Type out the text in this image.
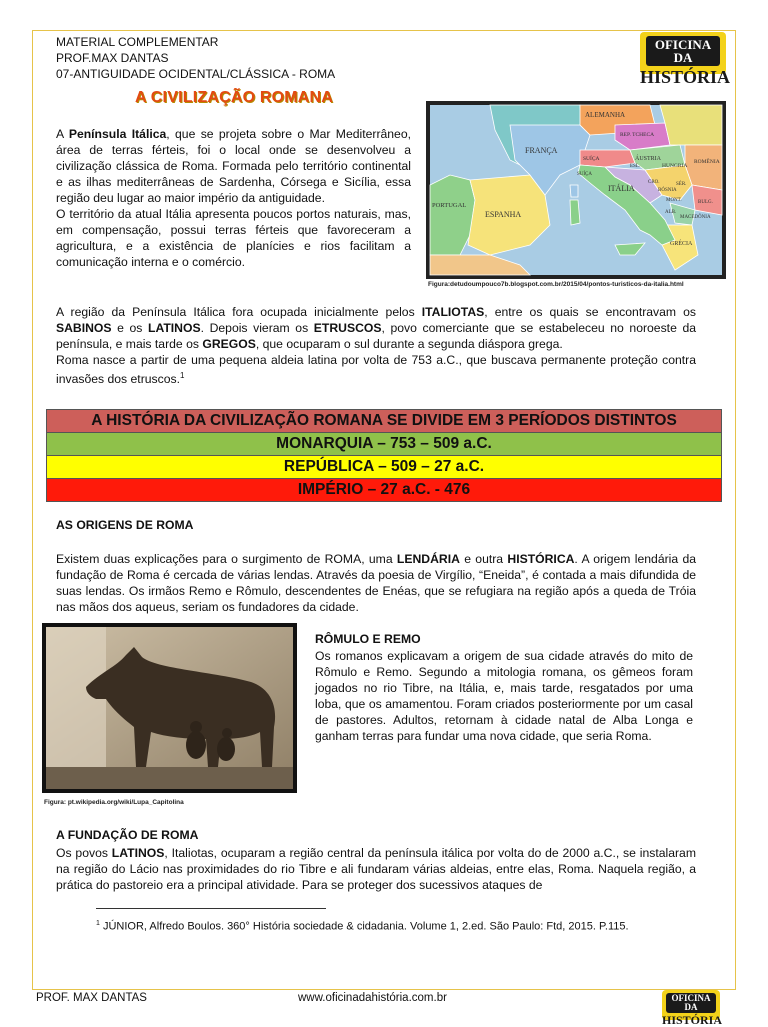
MATERIAL COMPLEMENTAR
PROF.MAX DANTAS
07-ANTIGUIDADE OCIDENTAL/CLÁSSICA - ROMA
OFICINA DA
HISTÓRIA
A CIVILIZAÇÃO ROMANA

A Península Itálica, que se projeta sobre o Mar Mediterrâneo, área de terras férteis, foi o local onde se desenvolveu a civilização clássica de Roma. Formada pelo território continental e as ilhas mediterrâneas de Sardenha, Córsega e Sicília, essa região deu lugar ao maior império da antiguidade.

O território da atual Itália apresenta poucos portos naturais, mas, em compensação, possui terras férteis que favoreceram a agricultura, e a existência de planícies e rios facilitam a comunicação interna e o comércio.

ALEMANHA
FRANÇA
ITÁLIA
ESPANHA
PORTUGAL
SUÍÇA	ÁUSTRIA
REP. TCHECA
HUNGRIA
ROMÊNIA
GRÉCIA
CRO.
BULG.
MACEDÔNIA
BÓSNIA
SÉR.
ESL.
ALB.
MONT.
SUÍÇA
Figura:detudoumpouco7b.blogspot.com.br/2015/04/pontos-turisticos-da-italia.html

A região da Península Itálica fora ocupada inicialmente pelos ITALIOTAS, entre os quais se encontravam os SABINOS e os LATINOS. Depois vieram os ETRUSCOS, povo comerciante que se estabeleceu no noroeste da península, e mais tarde os GREGOS, que ocuparam o sul durante a segunda diáspora grega.

Roma nasce a partir de uma pequena aldeia latina por volta de 753 a.C., que buscava permanente proteção contra invasões dos etruscos.$^1$

A HISTÓRIA DA CIVILIZAÇÃO ROMANA SE DIVIDE EM 3 PERÍODOS DISTINTOS
MONARQUIA – 753 – 509 a.C.
REPÚBLICA – 509 – 27 a.C.
IMPÉRIO – 27 a.C. - 476
AS ORIGENS DE ROMA

Existem duas explicações para o surgimento de ROMA, uma LENDÁRIA e outra HISTÓRICA. A origem lendária da fundação de Roma é cercada de várias lendas. Através da poesia de Virgílio, “Eneida”, é contada a mais difundida de suas lendas. Os irmãos Remo e Rômulo, descendentes de Enéas, que se refugiara na região após a queda de Tróia nas mãos dos aqueus, seriam os fundadores da cidade.

Figura: pt.wikipedia.org/wiki/Lupa_Capitolina
RÔMULO E REMO

Os romanos explicavam a origem de sua cidade através do mito de Rômulo e Remo. Segundo a mitologia romana, os gêmeos foram jogados no rio Tibre, na Itália, e, mais tarde, resgatados por uma loba, que os amamentou. Foram criados posteriormente por um casal de pastores. Adultos, retornam à cidade natal de Alba Longa e ganham terras para fundar uma nova cidade, que seria Roma.

A FUNDAÇÃO DE ROMA

Os povos LATINOS, Italiotas, ocuparam a região central da península itálica por volta do de 2000 a.C., se instalaram na região do Lácio nas proximidades do rio Tibre e ali fundaram várias aldeias, entre elas, Roma. Naquela região, a prática do pastoreio era a principal atividade. Para se proteger dos sucessivos ataques de

$^1$ JÚNIOR, Alfredo Boulos. 360° História sociedade & cidadania. Volume 1, 2.ed. São Paulo: Ftd, 2015. P.115.
PROF. MAX DANTAS	www.oficinadahistória.com.br	OFICINA DA
HISTÓRIA
